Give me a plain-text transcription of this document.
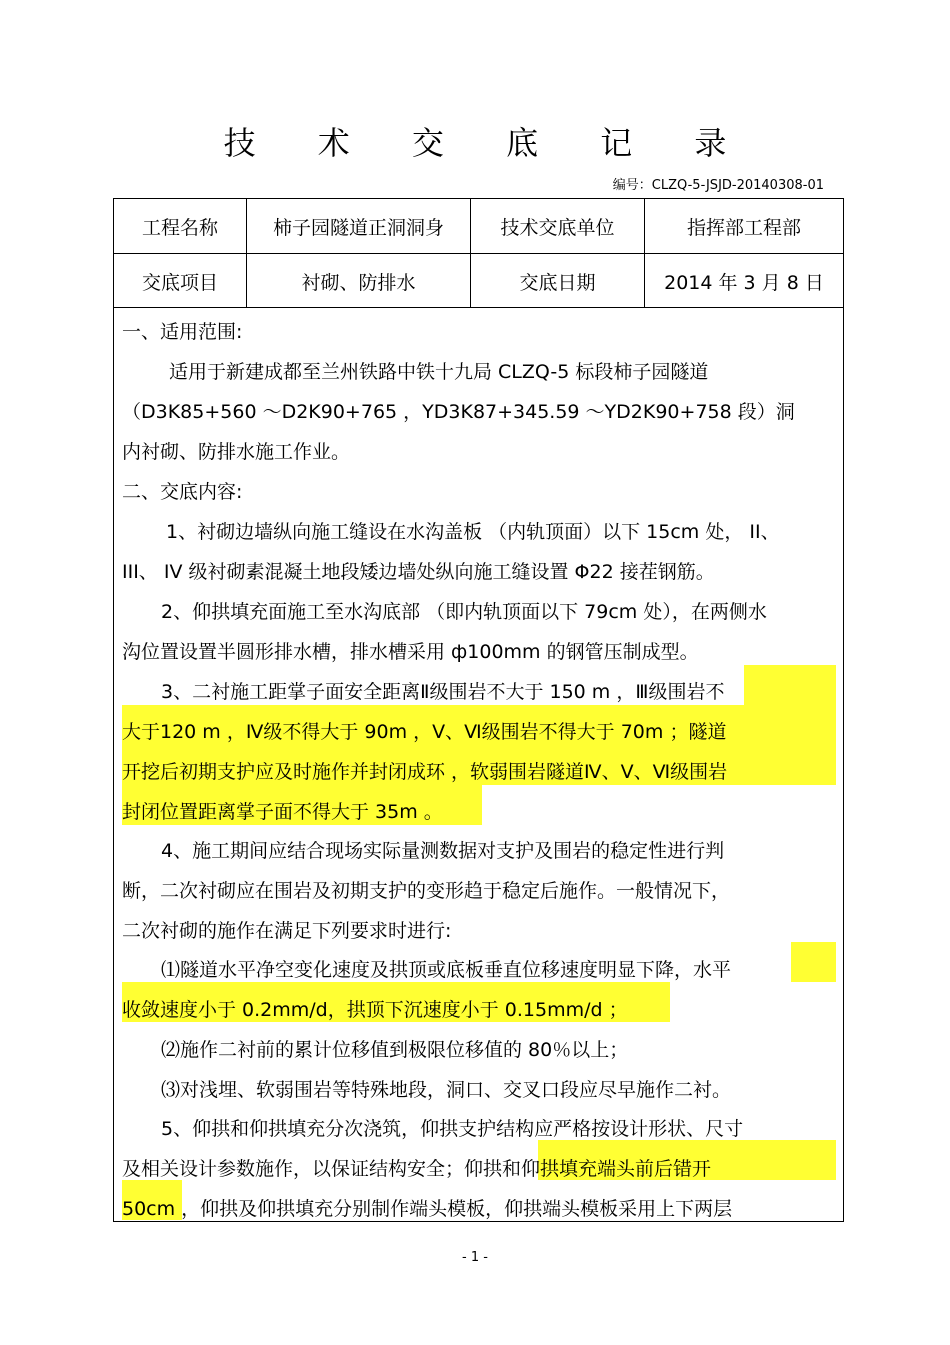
技 术 交 底 记 录
编号：CLZQ-5-JSJD-20140308-01
工程名称	柿子园隧道正洞洞身	技术交底单位	指挥部工程部
交底项目	衬砌、防排水	交底日期	2014 年 3 月 8 日
一、适用范围:
适用于新建成都至兰州铁路中铁十九局 CLZQ-5 标段柿子园隧道
（D3K85+560 ～D2K90+765 ，YD3K87+345.59 ～YD2K90+758 段）洞
内衬砌、防排水施工作业。
二、交底内容:
1、衬砌边墙纵向施工缝设在水沟盖板 （内轨顶面）以下 15cm 处， II、
III、 IV 级衬砌素混凝土地段矮边墙处纵向施工缝设置 Φ22 接茬钢筋。
2、仰拱填充面施工至水沟底部 （即内轨顶面以下 79cm 处），在两侧水
沟位置设置半圆形排水槽，排水槽采用 ф100mm 的钢管压制成型。
3、二衬施工距掌子面安全距离Ⅱ级围岩不大于 150 m ，Ⅲ级围岩不
大于120 m ，Ⅳ级不得大于 90m ，Ⅴ、Ⅵ级围岩不得大于 70m ；隧道
开挖后初期支护应及时施作并封闭成环 ，软弱围岩隧道Ⅳ、Ⅴ、Ⅵ级围岩
封闭位置距离掌子面不得大于 35m 。
4、施工期间应结合现场实际量测数据对支护及围岩的稳定性进行判
断，二次衬砌应在围岩及初期支护的变形趋于稳定后施作。一般情况下，
二次衬砌的施作在满足下列要求时进行:
⑴隧道水平净空变化速度及拱顶或底板垂直位移速度明显下降，水平
收敛速度小于 0.2mm/d，拱顶下沉速度小于 0.15mm/d ；
⑵施作二衬前的累计位移值到极限位移值的 80％以上；
⑶对浅埋、软弱围岩等特殊地段，洞口、交叉口段应尽早施作二衬。
5、仰拱和仰拱填充分次浇筑，仰拱支护结构应严格按设计形状、尺寸
及相关设计参数施作，以保证结构安全；仰拱和仰拱填充端头前后错开
50cm ，仰拱及仰拱填充分别制作端头模板，仰拱端头模板采用上下两层
- 1 -
